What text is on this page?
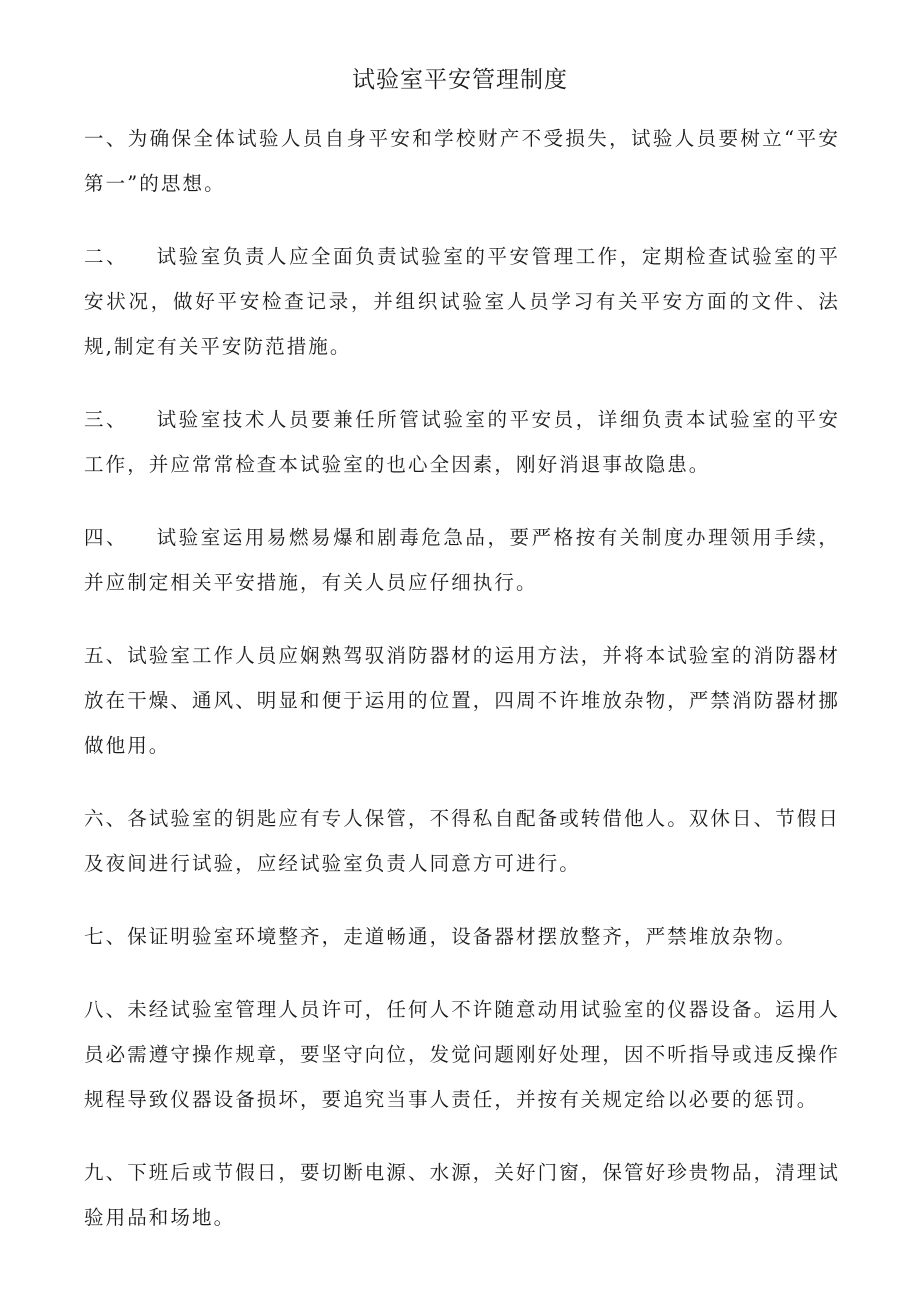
试验室平安管理制度
一、为确保全体试验人员自身平安和学校财产不受损失，试验人员要树立“平安第一”的思想。
二、 试验室负责人应全面负责试验室的平安管理工作，定期检查试验室的平安状况，做好平安检查记录，并组织试验室人员学习有关平安方面的文件、法规,制定有关平安防范措施。
三、 试验室技术人员要兼任所管试验室的平安员，详细负责本试验室的平安工作，并应常常检查本试验室的也心全因素，刚好消退事故隐患。
四、 试验室运用易燃易爆和剧毒危急品，要严格按有关制度办理领用手续，并应制定相关平安措施，有关人员应仔细执行。
五、试验室工作人员应娴熟驾驭消防器材的运用方法，并将本试验室的消防器材放在干燥、通风、明显和便于运用的位置，四周不许堆放杂物，严禁消防器材挪做他用。
六、各试验室的钥匙应有专人保管，不得私自配备或转借他人。双休日、节假日及夜间进行试验，应经试验室负责人同意方可进行。
七、保证明验室环境整齐，走道畅通，设备器材摆放整齐，严禁堆放杂物。
八、未经试验室管理人员许可，任何人不许随意动用试验室的仪器设备。运用人员必需遵守操作规章，要坚守向位，发觉问题刚好处理，因不听指导或违反操作规程导致仪器设备损坏，要追究当事人责任，并按有关规定给以必要的惩罚。
九、下班后或节假日，要切断电源、水源，关好门窗，保管好珍贵物品，清理试验用品和场地。
